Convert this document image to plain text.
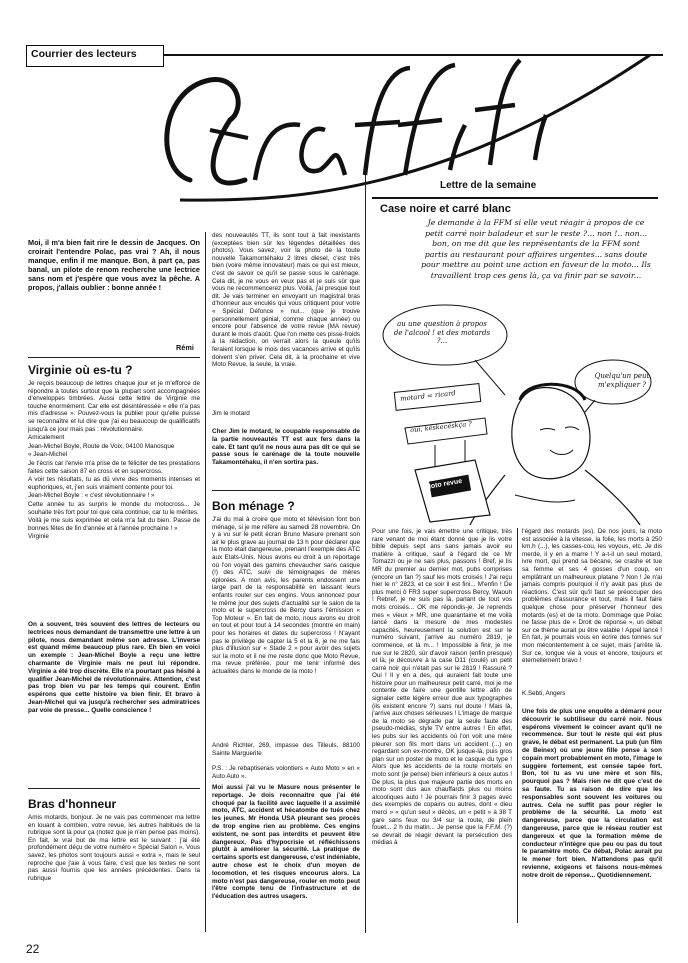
Courrier des lecteurs
Moi, il m'a bien fait rire le dessin de Jacques. On croirait l'entendre Polac, pas vrai ? Ah, il nous manque, enfin il me manque. Bon, à part ça, pas banal, un pilote de renom recherche une lectrice sans nom et j'espère que vous avez la pêche. A propos, j'allais oublier : bonne année !
Rémi
Virginie où es-tu ?

Je reçois beaucoup de lettres chaque jour et je m'efforce de répondre à toutes surtout que la plupart sont accompagnées d'enveloppes timbrées. Aussi cette lettre de Virginie me touche énormément. Car elle est désintéressée « elle n'a pas mis d'adresse ». Pouvez-vous la publier pour qu'elle puisse se reconnaître et lui dire que j'ai eu beaucoup de qualificatifs jusqu'à ce jour mais pas : révolutionnaire.

Amicalement

Jean-Michel Boyle, Route de Voix, 04100 Manosque

« Jean-Michel

Je t'écris car l'envie m'a prise de te féliciter de tes prestations faites cette saison 87 en cross et en supercross.

A voir tes résultats, tu as dû vivre des moments intenses et euphoriques, et, j'en suis vraiment contente pour toi.

Jean-Michel Boyle : « c'est révolutionnaire ! »

Cette année tu as surpris le monde du motocross... Je souhaite très fort pour toi que cela continue, car tu le mérites.

Voilà je me suis exprimée et cela m'a fait du bien. Passe de bonnes fêtes de fin d'année et à l'année prochaine ! »

Virginie

On a souvent, très souvent des lettres de lecteurs ou lectrices nous demandant de transmettre une lettre à un pilote, nous demandant même son adresse. L'inverse est quand même beaucoup plus rare. Eh bien en voici un exemple : Jean-Michel Boyle a reçu une lettre charmante de Virginie mais ne peut lui répondre. Virginie a été trop discrète. Elle n'a pourtant pas hésité à qualifier Jean-Michel de révolutionnaire. Attention, c'est pas trop bien vu par les temps qui courent. Enfin espérons que cette histoire va bien finir. Et bravo à Jean-Michel qui va jusqu'à rechercher ses admiratrices par voie de presse... Quelle conscience !
Bras d'honneur
Amis motards, bonjour. Je ne vais pas commencer ma lettre en louant à combien, votre revue, les autres habitués de la rubrique sont là pour ça (notez que je n'en pense pas moins). En fait, le vrai but de ma lettre est le suivant : j'ai été profondément déçu de votre numéro « Spécial Salon ». Vous savez, les photos sont toujours aussi « extra », mais le seul reproche que j'aie à vous faire, c'est que les textes ne sont pas aussi fournis que les années précédentes. Dans la rubrique
des nouveautés TT, ils sont tout à fait inexistants (exceptées bien sûr les légendes détaillées des photos). Vous savez, voir la photo de la toute nouvelle Takamontéhaku 2 litres diesel, c'est très bien (voire même innovateur) mais ce qui est mieux, c'est de savoir ce qu'il se passe sous le carénage. Cela dit, je ne vous en veux pas et je suis sûr que vous ne recommencerez plus. Voilà, j'ai presque tout dit. Je vais terminer en envoyant un magistral bras d'honneur aux enculés qui vous critiquent pour votre « Spécial Défonce » nul... (que je trouve personnellement génial, comme chaque année) ou encore pour l'absence de votre revue (MA revue) durant le mois d'août. Que l'on mette ces pisse-froids à la rédaction, on verrait alors la queule qu'ils feraient lorsque le mois des vacances arrive et qu'ils doivent s'en priver. Cela dit, à la prochaine et vive Moto Revue, la seule, la vraie.
Jim le motard
Cher Jim le motard, le coupable responsable de la partie nouveautés TT est aux fers dans la cale. Et tant qu'il ne nous aura pas dit ce qui se passe sous le carénage de la toute nouvelle Takamontéhaku, il n'en sortira pas.
Bon ménage ?
J'ai du mal à croire que moto et télévision font bon ménage, si je me réfère au samedi 28 novembre. On y a vu sur le petit écran Bruno Masure prenant son air le plus grave au journal de 13 h pour déclarer que la moto était dangereuse, prenant l'exemple des ATC aux Etats-Unis. Nous avons eu droit à un reportage où l'on voyait des gamins chevaucher sans casque (!) des ATC, suivi de témoignages de mères éplorées. A mon avis, les parents endossent une large part de la responsabilité en laissant leurs enfants rouler sur ces engins. Vous annoncez pour le même jour des sujets d'actualité sur le salon de la moto et le supercross de Bercy dans l'émission « Top Moteur ». En fait de moto, nous avons eu droit en tout et pour tout à 14 secondes (montre en main) pour les horaires et dates du supercross ! N'ayant pas le privilège de capter la 5 et la 6, je ne me fais plus d'illusion sur « Stade 2 » pour avoir des sujets sur la moto et il ne me reste donc que Moto Revue, ma revue préférée, pour me tenir informé des actualités dans le monde de la moto !
André Richter, 269, impasse des Tilleuls, 88100 Sainte Marguerite
P.S. : Je rebaptiserais volontiers « Auto Moto » en « Auto Auto ».
Moi aussi j'ai vu le Masure nous présenter le reportage. Je dois reconnaître que j'ai été choqué par la facilité avec laquelle il a assimilé moto, ATC, accident et hécatombe de tués chez les jeunes. Mr Honda USA pleurant ses procès de trop engine rien au problème. Ces engins existent, ne sont pas interdits et peuvent être dangereux. Pas d'hypocrisie et réfléchissons plutôt à améliorer la sécurité. La pratique de certains sports est dangereuse, c'est indéniable, autre chose est le choix d'un moyen de locomotion, et les risques encourus alors. La moto n'est pas dangereuse, rouler en moto peut l'être compte tenu de l'infrastructure et de l'éducation des autres usagers.
Lettre de la semaine
Case noire et carré blanc
Je demande à la FFM si elle veut réagir à propos de ce petit carré noir baladeur et sur le reste ?... non !.. non... bon, on me dit que les représentants de la FFM sont partis au restaurant pour affaires urgentes... sans doute pour mettre au point une action en faveur de la moto... Ils travaillent trop ces gens là, ça va finir par se savoir...
au une question à propos de l'alcool ! et des motards ?...
Quelqu'un peut m'expliquer ?
motard = ricard
oui, késkecéskça ?
Moto revue
Pour une fois, je vais émettre une critique, très rare venant de moi étant donné que je lis votre bible depuis sept ans sans jamais avoir eu matière à critique, sauf à l'égard de ce Mr Tomazzi ou je ne sais plus, passons ! Bref, je lis MR du premier au dernier mot, pubs comprises (encore un fan ?) sauf les mots croisés ! J'ai reçu hier le n° 2823, et ce soir il est fini... M'enfin ! De plus merci ô FR3 super supercross Bercy, Waouh ! Rebref, je ne suis pas là, parlant de tout vos mots croisés... OK me répondis-je. Je reprends mes « vieux » MR, une quarantaine et me voilà lancé dans la mesure de mes modestes capacités, heureusement la solution est sur le numéro suivant, j'arrive au numéro 2819, je commence, et là m... ! Impossible à finir, je me rue sur le 2820, sûr d'avoir raison (enfin presque) et là, je découvre à la case D11 (coulé) un petit carré noir qui n'était pas sur le 2819 ! Rassuré ? Oui ! Il y en a des, qui auraient fait toute une histoire pour un malheureux petit carré, moi je me contente de faire une gentille lettre afin de signaler cette légère erreur due aux typographes (ils existent encore ?) sans nul doute ! Mais là, j'arrive aux choses sérieuses ! L'image de marque de la moto se dégrade par la seule faute des pseudo-médias, style TV entre autres ! En effet, les pubs sur les accidents où l'on voit une mère pleurer son fils mort dans un accident (...) en regardant son ex-montre, OK jusque-là, puis gros plan sur un poster de moto et le casque du type ! Alors que les accidents de la route mortels en moto sont (je pense) bien inférieurs à ceux autos ! De plus, la plus que majeure partie des morts en moto sont dus aux chauffards plus ou moins alcooliques auto ! Je pourrais finir 3 pages avec des exemples de copains ou autres, dont « dieu merci » « qu'un seul » décès, un « petit » à 38 T gare sans feux ou 3/4 sur la route, de plein fouet... 2 h du matin... Je pense que la F.F.M. (?) se devrait de réagir devant la persécution des médias à
l'égard des motards (es). De nos jours, la moto est associée à la vitesse, la folie, les morts à 250 km.h (...), les casses-cou, les voyous, etc. Je dis merde, il y en a marre ! Y a-t-il un seul motard, ivre mort, qui prend sa bécane, se crashe et tue sa femme et ses 4 gosses d'un coup, en emplâtrant un malheureux platane ? Non ! Je n'ai jamais compris pourquoi il n'y avait pas plus de réactions. C'est sûr qu'il faut se préoccuper des problèmes d'assurance et tout, mais il faut faire quelque chose pour préserver l'honneur des motards (es) et de la moto. Dommage que Polac ne fasse plus de « Droit de réponse », un débat sur ce thème aurait pu être valable ! Appel lancé ! En fait, je pourrais vous en écrire des tonnes sur mon mécontentement à ce sujet, mais j'arrête là. Sur ce, longue vie à vous et encore, toujours et éternellement bravo !
K.Sebti, Angers
Une fois de plus une enquête a démarré pour découvrir le subtiliseur du carré noir. Nous espérons vivement le coincer avant qu'il ne recommence. Sur tout le reste qui est plus grave, le débat est permanent. La pub (un film de Beinex) où une jeune fille pense à son copain mort probablement en moto, l'image le suggère fortement, est censée tapée fort. Bon, toi tu as vu une mère et son fils, pourquoi pas ? Mais rien ne dit que c'est de sa faute. Tu as raison de dire que les responsables sont souvent les voitures ou autres. Cela ne suffit pas pour régler le problème de la sécurité. La moto est dangereuse, parce que la circulation est dangereuse, parce que le réseau routier est dangereux et que la formation même de conducteur n'intègre que peu ou pas du tout le paramètre moto. Ce débat, Polac aurait pu le mener fort bien. N'attendons pas qu'il revienne, exigeons et faisons nous-mêmes notre droit de réponse... Quotidiennement.
22
